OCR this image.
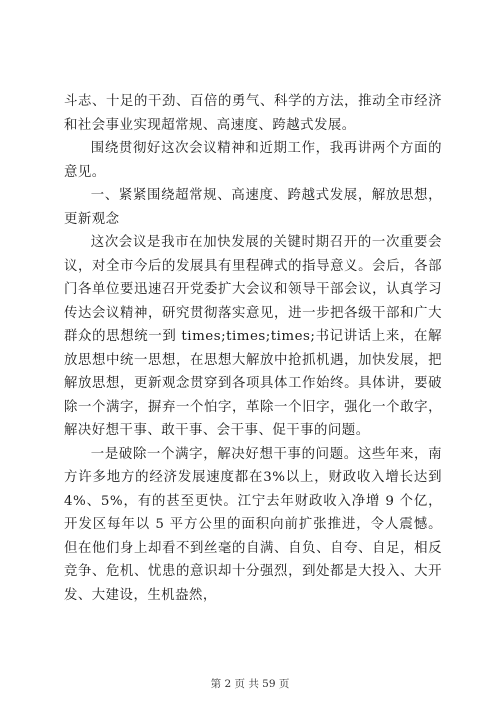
斗志、十足的干劲、百倍的勇气、科学的方法，推动全市经济和社会事业实现超常规、高速度、跨越式发展。

围绕贯彻好这次会议精神和近期工作，我再讲两个方面的意见。

一、紧紧围绕超常规、高速度、跨越式发展，解放思想，更新观念

这次会议是我市在加快发展的关键时期召开的一次重要会议，对全市今后的发展具有里程碑式的指导意义。会后，各部门各单位要迅速召开党委扩大会议和领导干部会议，认真学习传达会议精神，研究贯彻落实意见，进一步把各级干部和广大群众的思想统一到 times;times;times;书记讲话上来，在解放思想中统一思想，在思想大解放中抢抓机遇，加快发展，把解放思想，更新观念贯穿到各项具体工作始终。具体讲，要破除一个满字，摒弃一个怕字，革除一个旧字，强化一个敢字，解决好想干事、敢干事、会干事、促干事的问题。

一是破除一个满字，解决好想干事的问题。这些年来，南方许多地方的经济发展速度都在3%以上，财政收入增长达到4%、5%，有的甚至更快。江宁去年财政收入净增 9 个亿，开发区每年以 5 平方公里的面积向前扩张推进，令人震憾。但在他们身上却看不到丝毫的自满、自负、自夸、自足，相反竞争、危机、忧患的意识却十分强烈，到处都是大投入、大开发、大建设，生机盎然，

第 2 页 共 59 页
